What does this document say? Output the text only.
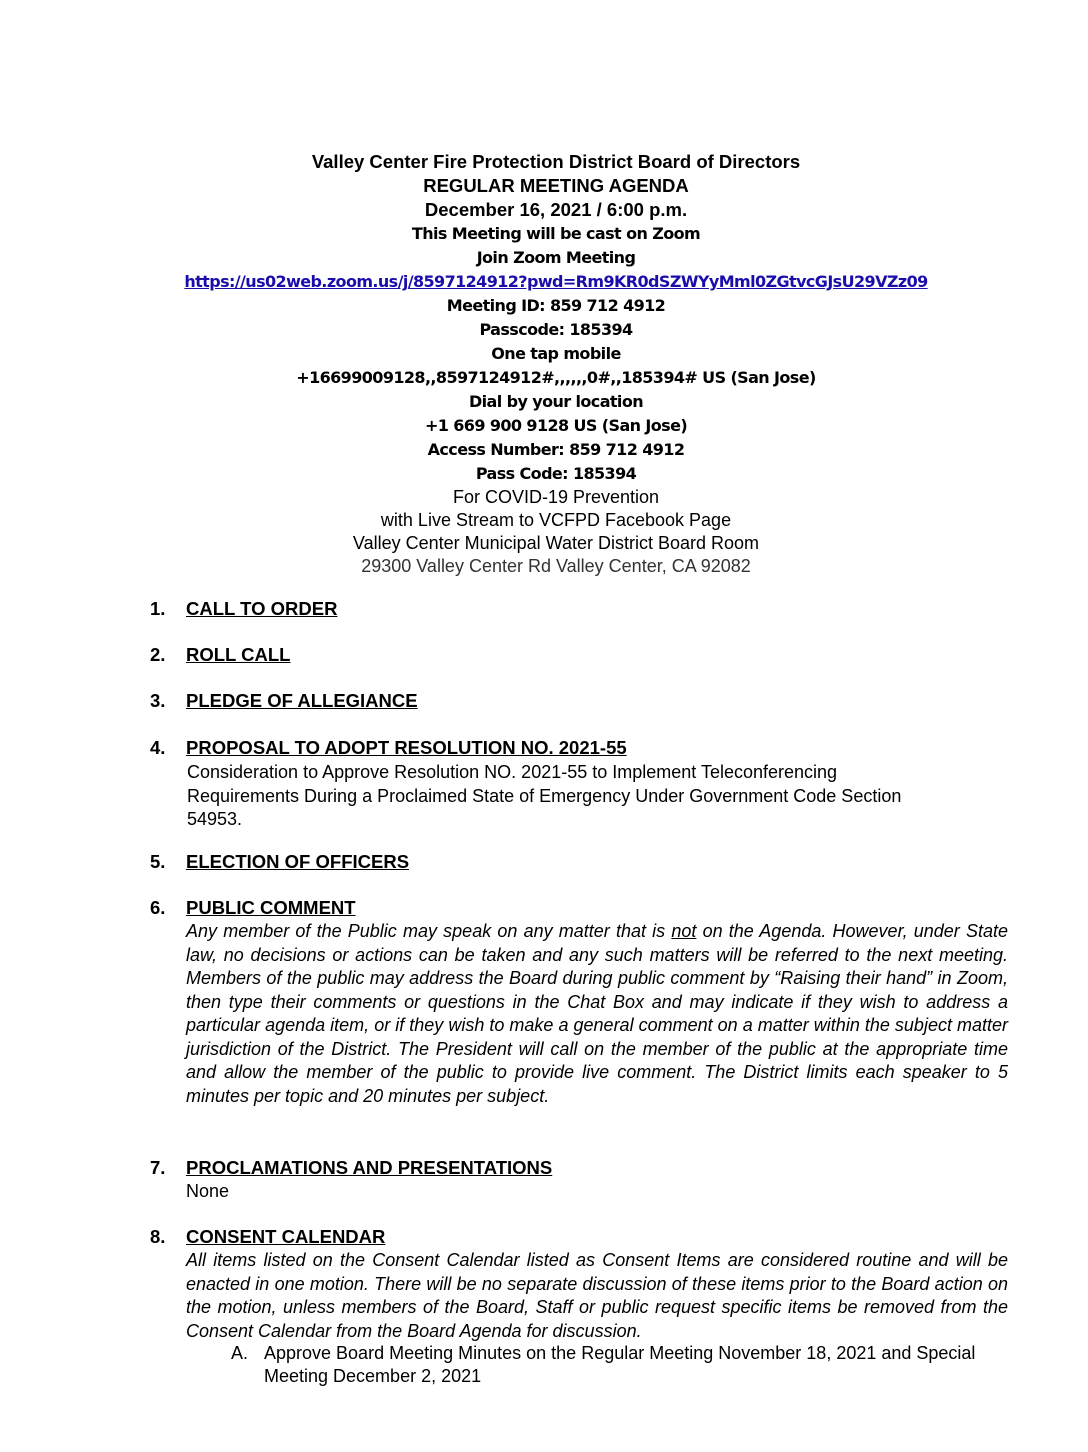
Valley Center Fire Protection District Board of Directors
REGULAR MEETING AGENDA
December 16, 2021 / 6:00 p.m.
This Meeting will be cast on Zoom
Join Zoom Meeting
https://us02web.zoom.us/j/8597124912?pwd=Rm9KR0dSZWYyMml0ZGtvcGJsU29VZz09
Meeting ID: 859 712 4912
Passcode: 185394
One tap mobile
+16699009128,,8597124912#,,,,,,0#,,185394# US (San Jose)
Dial by your location
+1 669 900 9128 US (San Jose)
Access Number: 859 712 4912
Pass Code: 185394
For COVID-19 Prevention
with Live Stream to VCFPD Facebook Page
Valley Center Municipal Water District Board Room
29300 Valley Center Rd Valley Center, CA 92082
1. CALL TO ORDER
2. ROLL CALL
3. PLEDGE OF ALLEGIANCE
4. PROPOSAL TO ADOPT RESOLUTION NO. 2021-55
Consideration to Approve Resolution NO. 2021-55 to Implement Teleconferencing
Requirements During a Proclaimed State of Emergency Under Government Code Section
54953.
5. ELECTION OF OFFICERS
6. PUBLIC COMMENT
Any member of the Public may speak on any matter that is not on the Agenda. However, under State law, no decisions or actions can be taken and any such matters will be referred to the next meeting. Members of the public may address the Board during public comment by “Raising their hand” in Zoom, then type their comments or questions in the Chat Box and may indicate if they wish to address a particular agenda item, or if they wish to make a general comment on a matter within the subject matter jurisdiction of the District. The President will call on the member of the public at the appropriate time and allow the member of the public to provide live comment. The District limits each speaker to 5 minutes per topic and 20 minutes per subject.
7. PROCLAMATIONS AND PRESENTATIONS
None
8. CONSENT CALENDAR
All items listed on the Consent Calendar listed as Consent Items are considered routine and will be enacted in one motion. There will be no separate discussion of these items prior to the Board action on the motion, unless members of the Board, Staff or public request specific items be removed from the Consent Calendar from the Board Agenda for discussion.
A. Approve Board Meeting Minutes on the Regular Meeting November 18, 2021 and Special Meeting December 2, 2021
